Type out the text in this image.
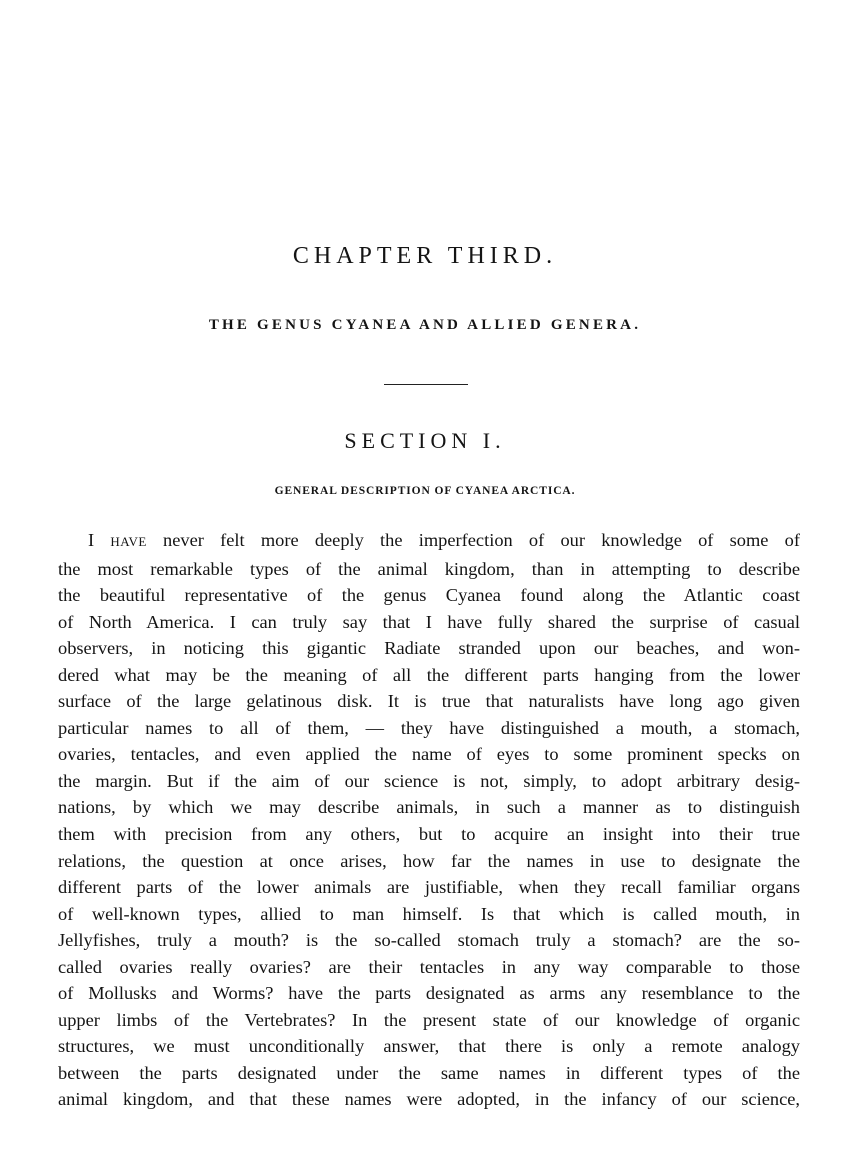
CHAPTER THIRD.
THE GENUS CYANEA AND ALLIED GENERA.
SECTION I.
GENERAL DESCRIPTION OF CYANEA ARCTICA.
I HAVE never felt more deeply the imperfection of our knowledge of some of
the most remarkable types of the animal kingdom, than in attempting to describe
the beautiful representative of the genus Cyanea found along the Atlantic coast
of North America. I can truly say that I have fully shared the surprise of casual
observers, in noticing this gigantic Radiate stranded upon our beaches, and won-
dered what may be the meaning of all the different parts hanging from the lower
surface of the large gelatinous disk. It is true that naturalists have long ago given
particular names to all of them, — they have distinguished a mouth, a stomach,
ovaries, tentacles, and even applied the name of eyes to some prominent specks on
the margin. But if the aim of our science is not, simply, to adopt arbitrary desig-
nations, by which we may describe animals, in such a manner as to distinguish
them with precision from any others, but to acquire an insight into their true
relations, the question at once arises, how far the names in use to designate the
different parts of the lower animals are justifiable, when they recall familiar organs
of well-known types, allied to man himself. Is that which is called mouth, in
Jellyfishes, truly a mouth? is the so-called stomach truly a stomach? are the so-
called ovaries really ovaries? are their tentacles in any way comparable to those
of Mollusks and Worms? have the parts designated as arms any resemblance to the
upper limbs of the Vertebrates? In the present state of our knowledge of organic
structures, we must unconditionally answer, that there is only a remote analogy
between the parts designated under the same names in different types of the
animal kingdom, and that these names were adopted, in the infancy of our science,
